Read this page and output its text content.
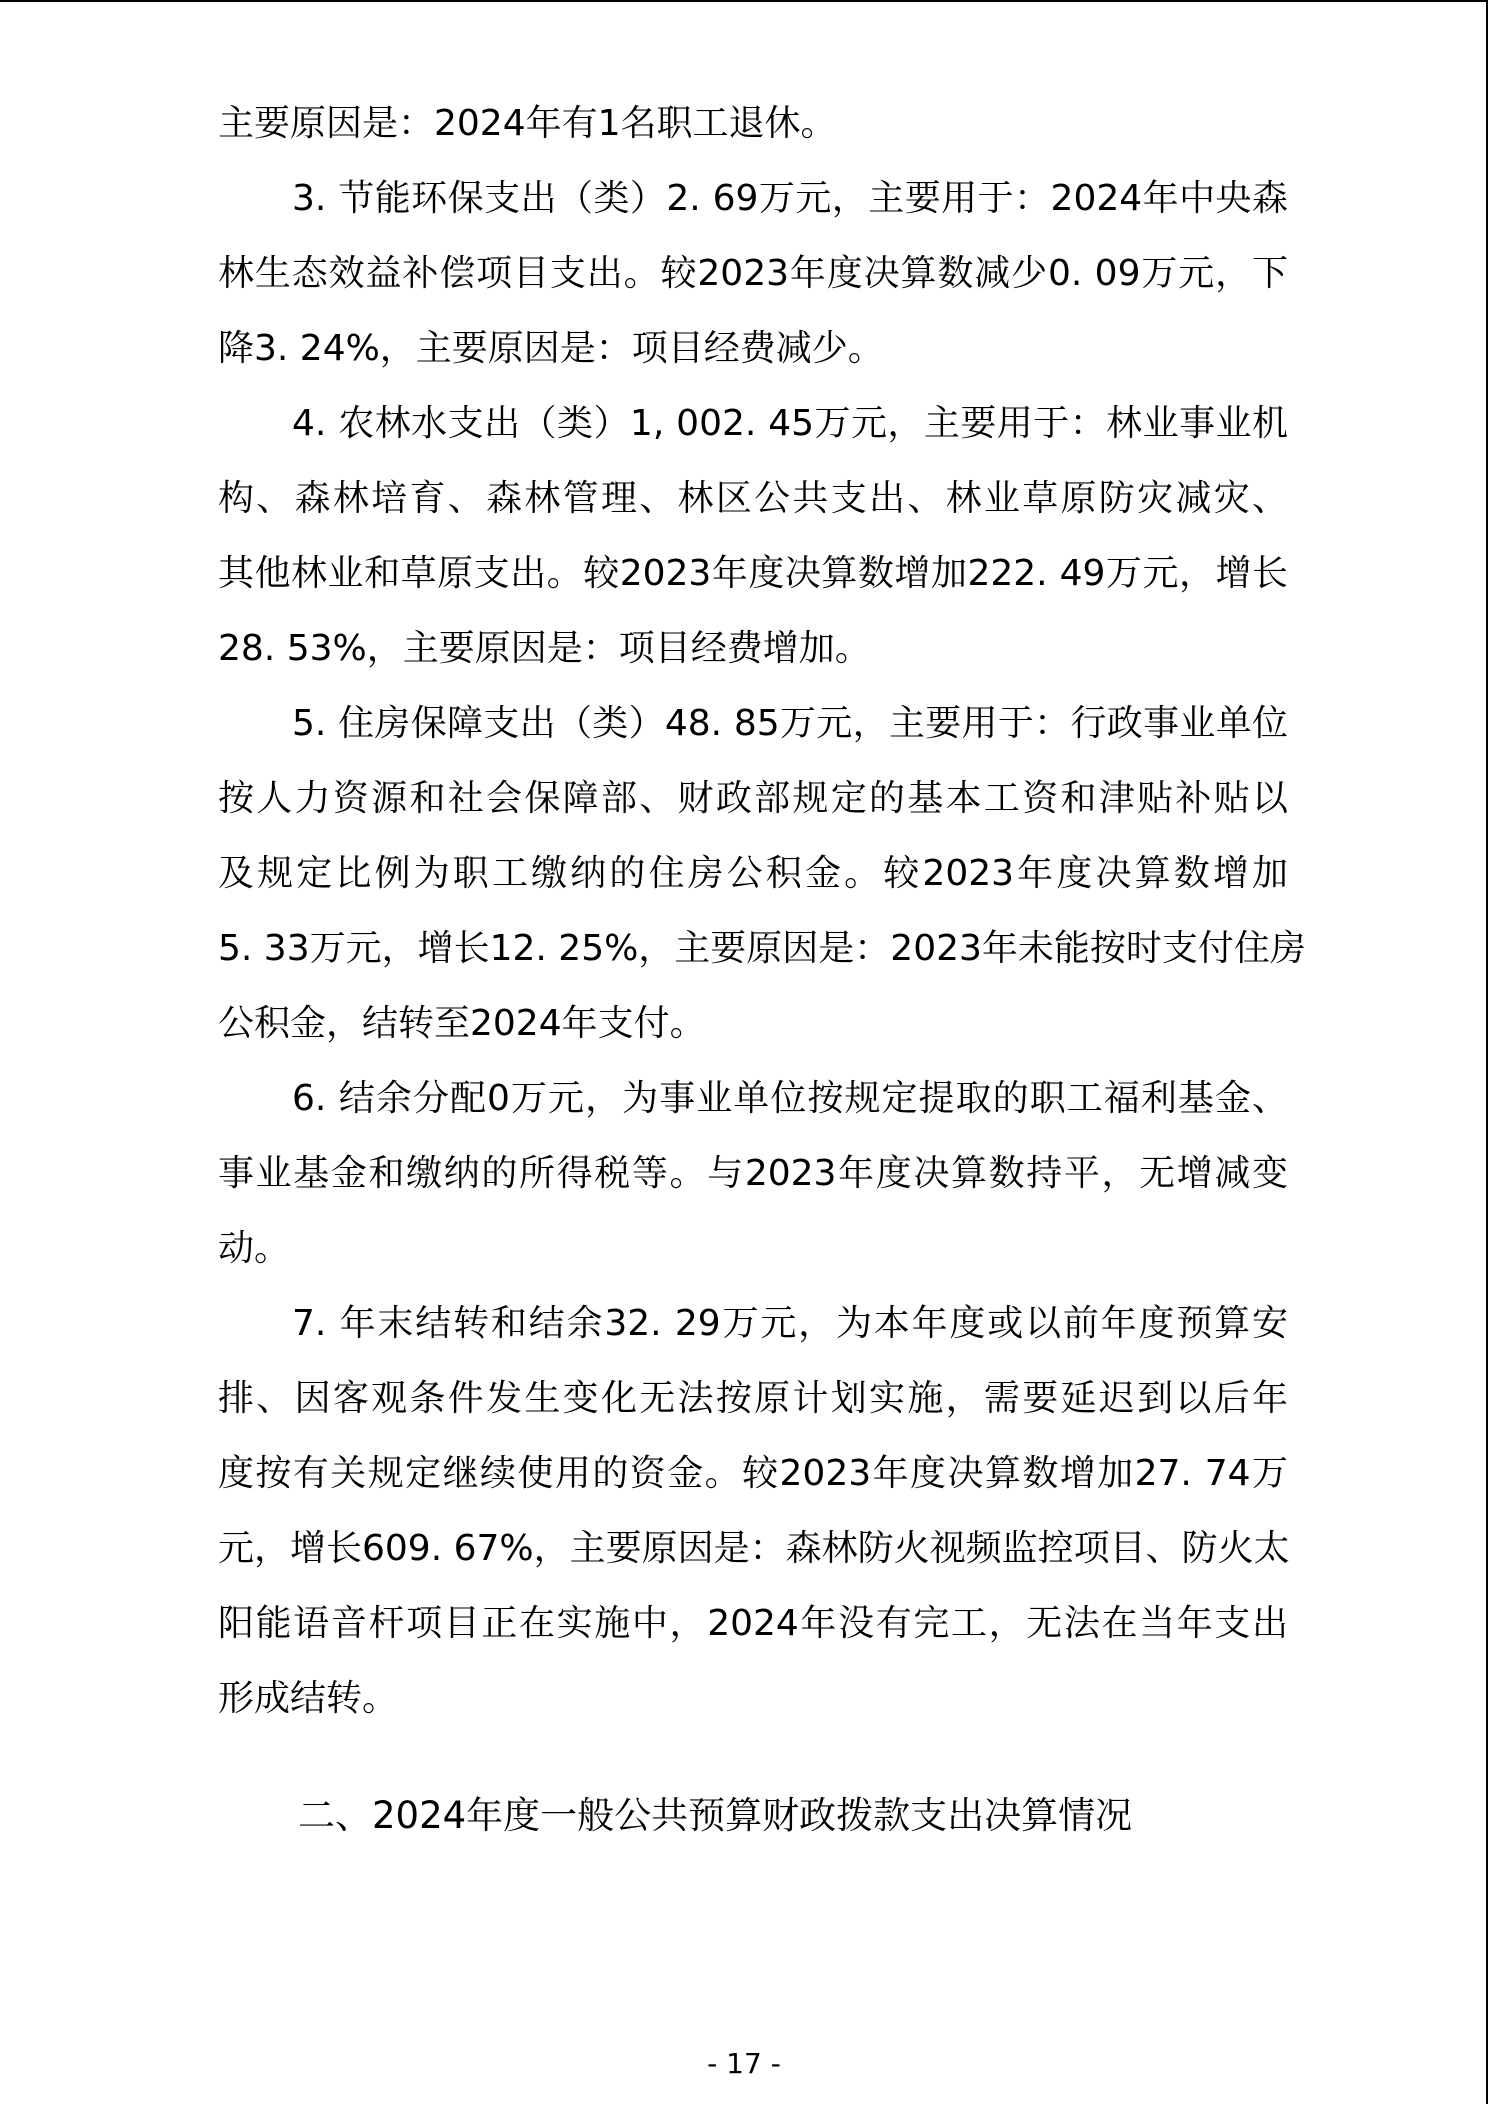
主要原因是：2024年有1名职工退休。
3. 节能环保支出（类）2. 69万元，主要用于：2024年中央森
林生态效益补偿项目支出。较2023年度决算数减少0. 09万元，下
降3. 24%，主要原因是：项目经费减少。
4. 农林水支出（类）1, 002. 45万元，主要用于：林业事业机
构、森林培育、森林管理、林区公共支出、林业草原防灾减灾、
其他林业和草原支出。较2023年度决算数增加222. 49万元，增长
28. 53%，主要原因是：项目经费增加。
5. 住房保障支出（类）48. 85万元，主要用于：行政事业单位
按人力资源和社会保障部、财政部规定的基本工资和津贴补贴以
及规定比例为职工缴纳的住房公积金。较2023年度决算数增加
5. 33万元，增长12. 25%，主要原因是：2023年未能按时支付住房
公积金，结转至2024年支付。
6. 结余分配0万元，为事业单位按规定提取的职工福利基金、
事业基金和缴纳的所得税等。与2023年度决算数持平，无增减变
动。
7. 年末结转和结余32. 29万元，为本年度或以前年度预算安
排、因客观条件发生变化无法按原计划实施，需要延迟到以后年
度按有关规定继续使用的资金。较2023年度决算数增加27. 74万
元，增长609. 67%，主要原因是：森林防火视频监控项目、防火太
阳能语音杆项目正在实施中，2024年没有完工，无法在当年支出
形成结转。
二、2024年度一般公共预算财政拨款支出决算情况
- 17 -
